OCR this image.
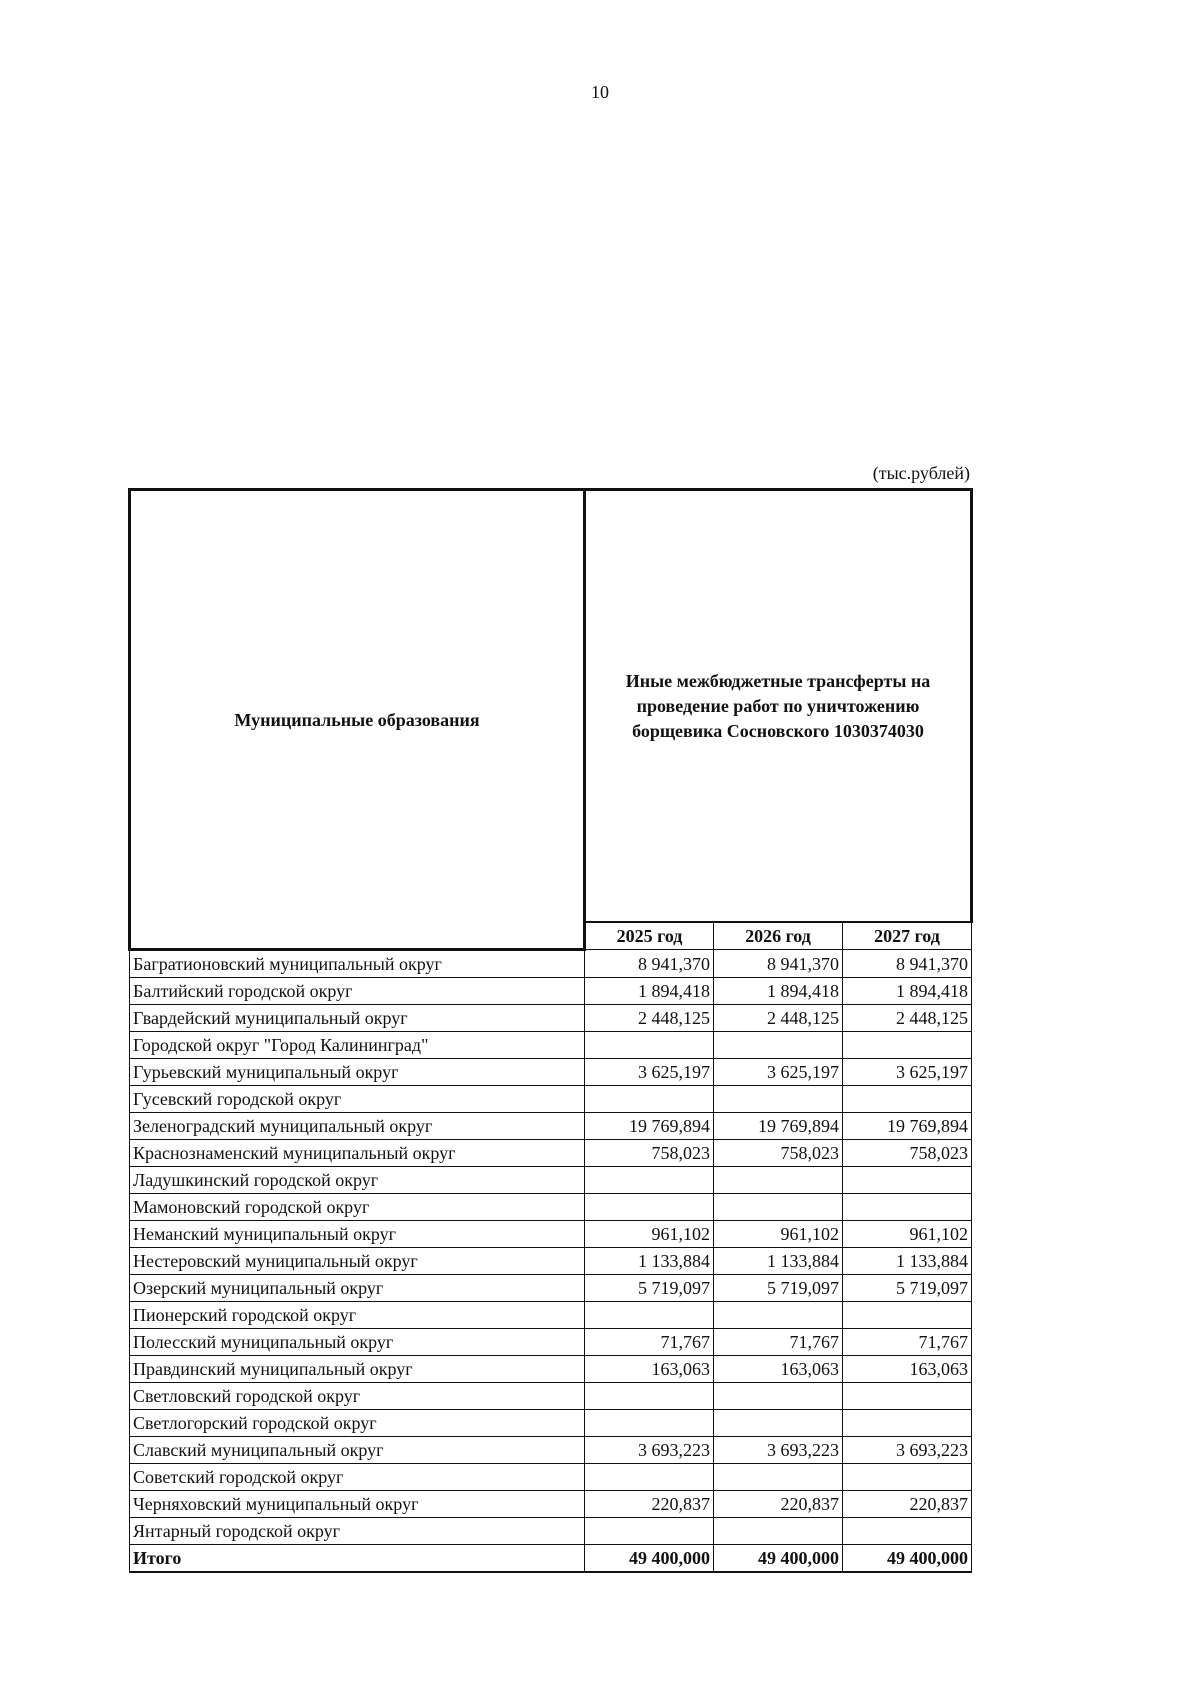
10
(тыс.рублей)
Муниципальные образования	Иные межбюджетные трансферты на проведение работ по уничтожению борщевика Сосновского 1030374030		
	2025 год	2026 год	2027 год
Багратионовский муниципальный округ	8 941,370	8 941,370	8 941,370
Балтийский городской округ	1 894,418	1 894,418	1 894,418
Гвардейский муниципальный округ	2 448,125	2 448,125	2 448,125
Городской округ "Город Калининград"			
Гурьевский муниципальный округ	3 625,197	3 625,197	3 625,197
Гусевский городской округ			
Зеленоградский муниципальный округ	19 769,894	19 769,894	19 769,894
Краснознаменский муниципальный округ	758,023	758,023	758,023
Ладушкинский городской округ			
Мамоновский городской округ			
Неманский муниципальный округ	961,102	961,102	961,102
Нестеровский муниципальный округ	1 133,884	1 133,884	1 133,884
Озерский муниципальный округ	5 719,097	5 719,097	5 719,097
Пионерский городской округ			
Полесский муниципальный округ	71,767	71,767	71,767
Правдинский муниципальный округ	163,063	163,063	163,063
Светловский городской округ			
Светлогорский городской округ			
Славский муниципальный округ	3 693,223	3 693,223	3 693,223
Советский городской округ			
Черняховский муниципальный округ	220,837	220,837	220,837
Янтарный городской округ			
Итого	49 400,000	49 400,000	49 400,000
